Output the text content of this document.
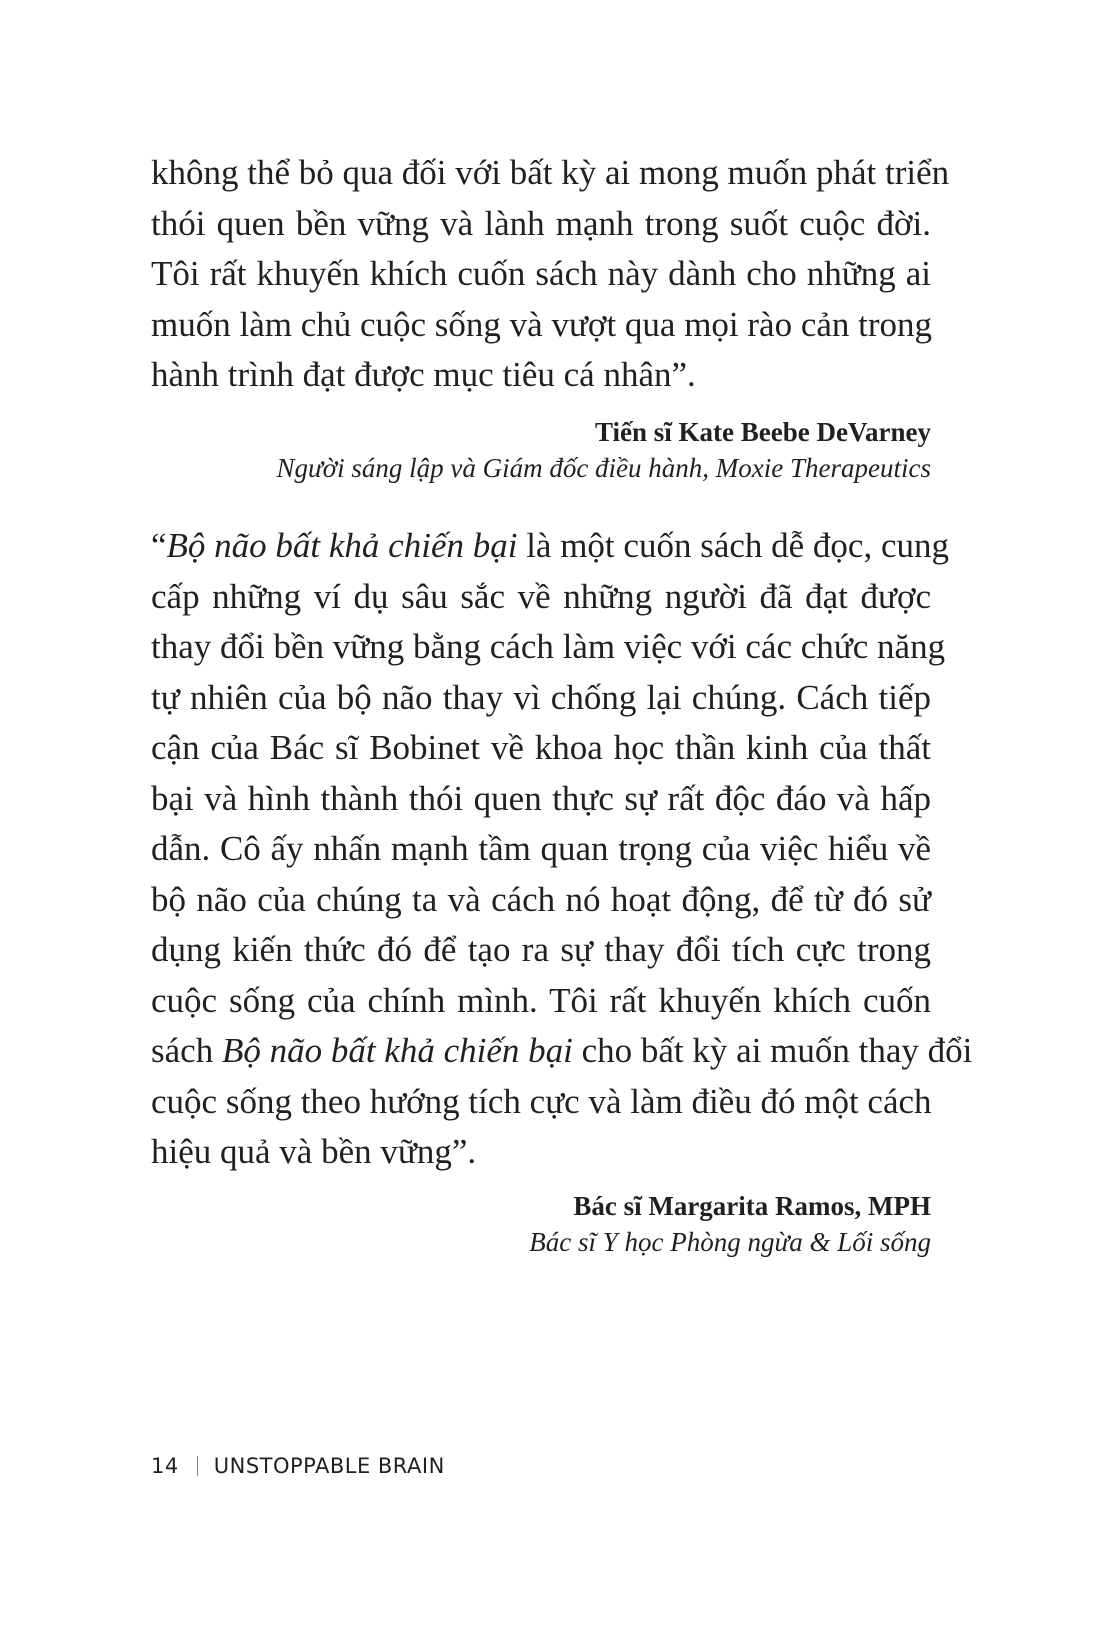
không thể bỏ qua đối với bất kỳ ai mong muốn phát triển
thói quen bền vững và lành mạnh trong suốt cuộc đời.
Tôi rất khuyến khích cuốn sách này dành cho những ai
muốn làm chủ cuộc sống và vượt qua mọi rào cản trong
hành trình đạt được mục tiêu cá nhân”.
Tiến sĩ Kate Beebe DeVarney
Người sáng lập và Giám đốc điều hành, Moxie Therapeutics
“Bộ não bất khả chiến bại là một cuốn sách dễ đọc, cung
cấp những ví dụ sâu sắc về những người đã đạt được
thay đổi bền vững bằng cách làm việc với các chức năng
tự nhiên của bộ não thay vì chống lại chúng. Cách tiếp
cận của Bác sĩ Bobinet về khoa học thần kinh của thất
bại và hình thành thói quen thực sự rất độc đáo và hấp
dẫn. Cô ấy nhấn mạnh tầm quan trọng của việc hiểu về
bộ não của chúng ta và cách nó hoạt động, để từ đó sử
dụng kiến thức đó để tạo ra sự thay đổi tích cực trong
cuộc sống của chính mình. Tôi rất khuyến khích cuốn
sách Bộ não bất khả chiến bại cho bất kỳ ai muốn thay đổi
cuộc sống theo hướng tích cực và làm điều đó một cách
hiệu quả và bền vững”.
Bác sĩ Margarita Ramos, MPH
Bác sĩ Y học Phòng ngừa & Lối sống
14 UNSTOPPABLE BRAIN
